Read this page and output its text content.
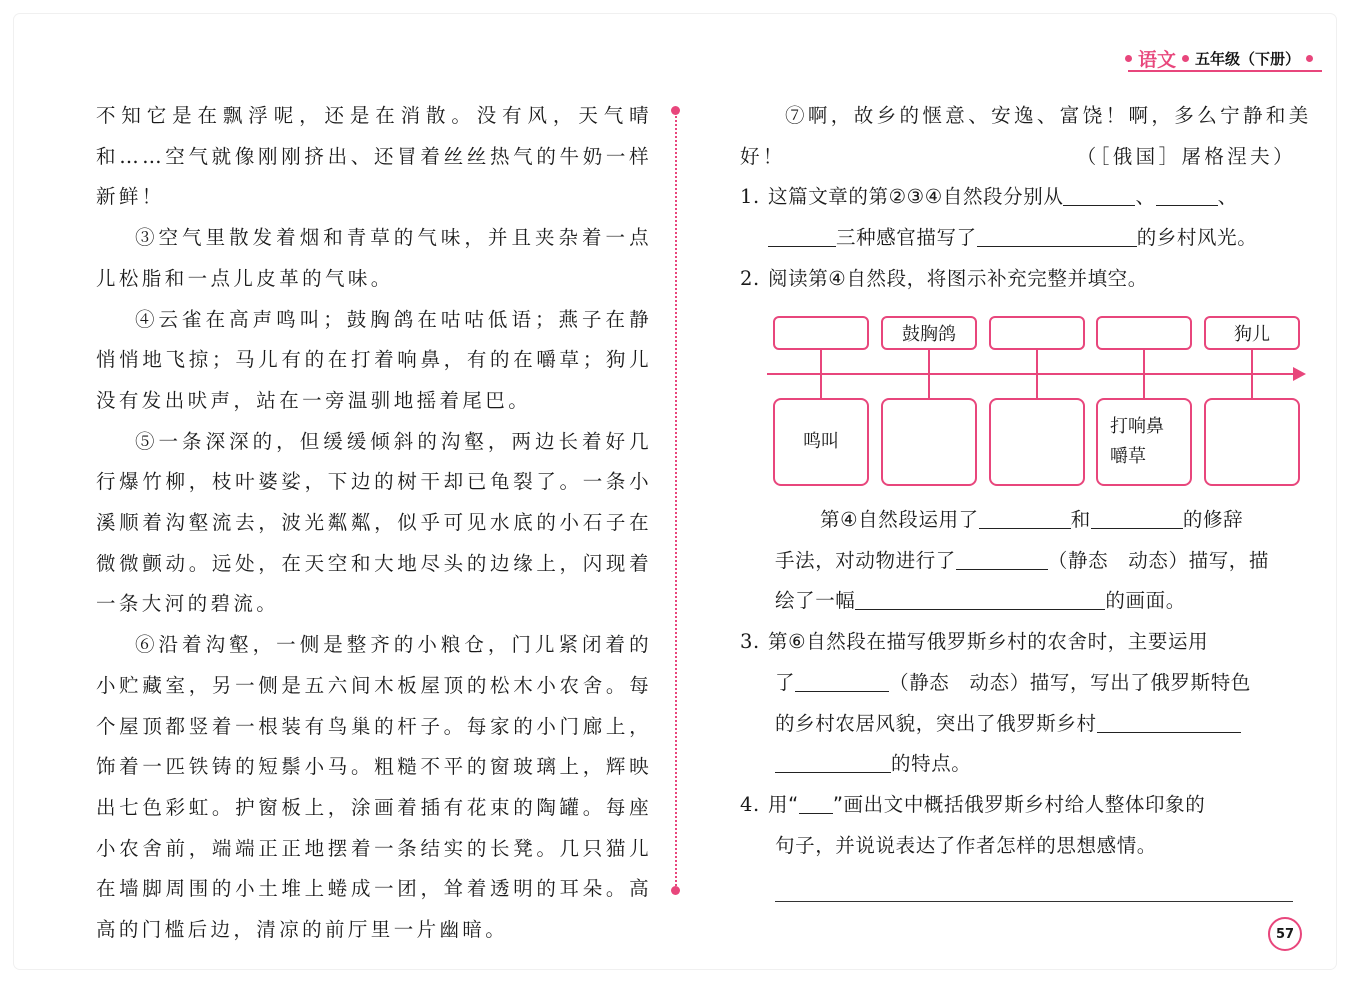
语文 五年级（下册）

不知它是在飘浮呢，还是在消散。没有风，天气晴和……空气就像刚刚挤出、还冒着丝丝热气的牛奶一样新鲜！

③空气里散发着烟和青草的气味，并且夹杂着一点儿松脂和一点儿皮革的气味。

④云雀在高声鸣叫；鼓胸鸽在咕咕低语；燕子在静悄悄地飞掠；马儿有的在打着响鼻，有的在嚼草；狗儿没有发出吠声，站在一旁温驯地摇着尾巴。

⑤一条深深的，但缓缓倾斜的沟壑，两边长着好几行爆竹柳，枝叶婆娑，下边的树干却已龟裂了。一条小溪顺着沟壑流去，波光粼粼，似乎可见水底的小石子在微微颤动。远处，在天空和大地尽头的边缘上，闪现着一条大河的碧流。

⑥沿着沟壑，一侧是整齐的小粮仓，门儿紧闭着的小贮藏室，另一侧是五六间木板屋顶的松木小农舍。每个屋顶都竖着一根装有鸟巢的杆子。每家的小门廊上，饰着一匹铁铸的短鬃小马。粗糙不平的窗玻璃上，辉映出七色彩虹。护窗板上，涂画着插有花束的陶罐。每座小农舍前，端端正正地摆着一条结实的长凳。几只猫儿在墙脚周围的小土堆上蜷成一团，耸着透明的耳朵。高高的门槛后边，清凉的前厅里一片幽暗。

⑦啊，故乡的惬意、安逸、富饶！啊，多么宁静和美
好！	（［俄国］屠格涅夫）
1. 这篇文章的第②③④自然段分别从	、	、
三种感官描写了	的乡村风光。
2. 阅读第④自然段，将图示补充完整并填空。
鼓胸鸽	狗儿
鸣叫
打响鼻
嚼草
第④自然段运用了	和	的修辞
手法，对动物进行了	（静态　动态）描写，描
绘了一幅	的画面。
3. 第⑥自然段在描写俄罗斯乡村的农舍时，主要运用
了	（静态　动态）描写，写出了俄罗斯特色
的乡村农居风貌，突出了俄罗斯乡村
的特点。
4. 用“ ”画出文中概括俄罗斯乡村给人整体印象的
句子，并说说表达了作者怎样的思想感情。
57
